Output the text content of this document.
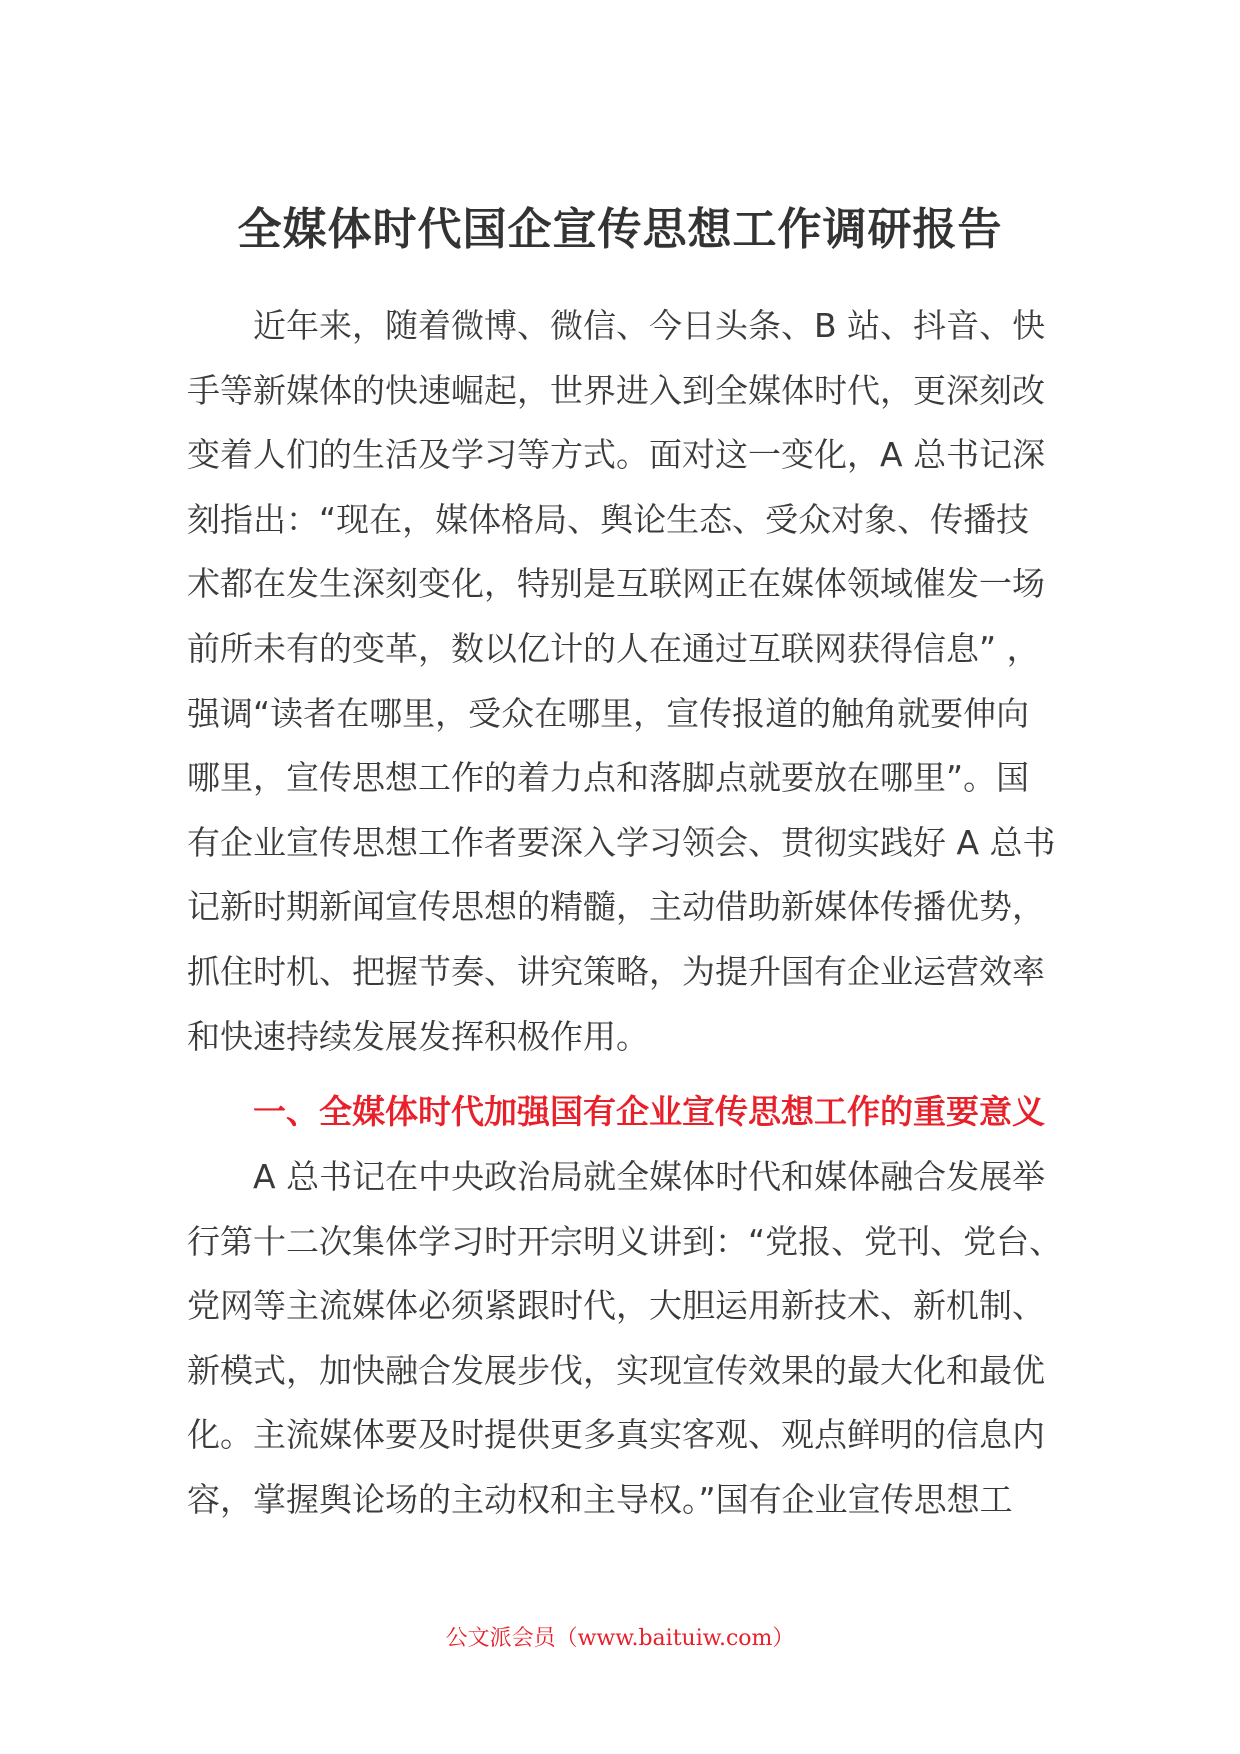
全媒体时代国企宣传思想工作调研报告
近年来，随着微博、微信、今日头条、B 站、抖音、快
手等新媒体的快速崛起，世界进入到全媒体时代，更深刻改
变着人们的生活及学习等方式。面对这一变化，A 总书记深
刻指出：“现在，媒体格局、舆论生态、受众对象、传播技
术都在发生深刻变化，特别是互联网正在媒体领域催发一场
前所未有的变革，数以亿计的人在通过互联网获得信息” ，
强调“读者在哪里，受众在哪里，宣传报道的触角就要伸向
哪里，宣传思想工作的着力点和落脚点就要放在哪里”。国
有企业宣传思想工作者要深入学习领会、贯彻实践好 A 总书
记新时期新闻宣传思想的精髓，主动借助新媒体传播优势，
抓住时机、把握节奏、讲究策略，为提升国有企业运营效率
和快速持续发展发挥积极作用。
一、全媒体时代加强国有企业宣传思想工作的重要意义
A 总书记在中央政治局就全媒体时代和媒体融合发展举
行第十二次集体学习时开宗明义讲到：“党报、党刊、党台、
党网等主流媒体必须紧跟时代，大胆运用新技术、新机制、
新模式，加快融合发展步伐，实现宣传效果的最大化和最优
化。主流媒体要及时提供更多真实客观、观点鲜明的信息内
容，掌握舆论场的主动权和主导权。”国有企业宣传思想工

公文派会员（www.baituiw.com）
